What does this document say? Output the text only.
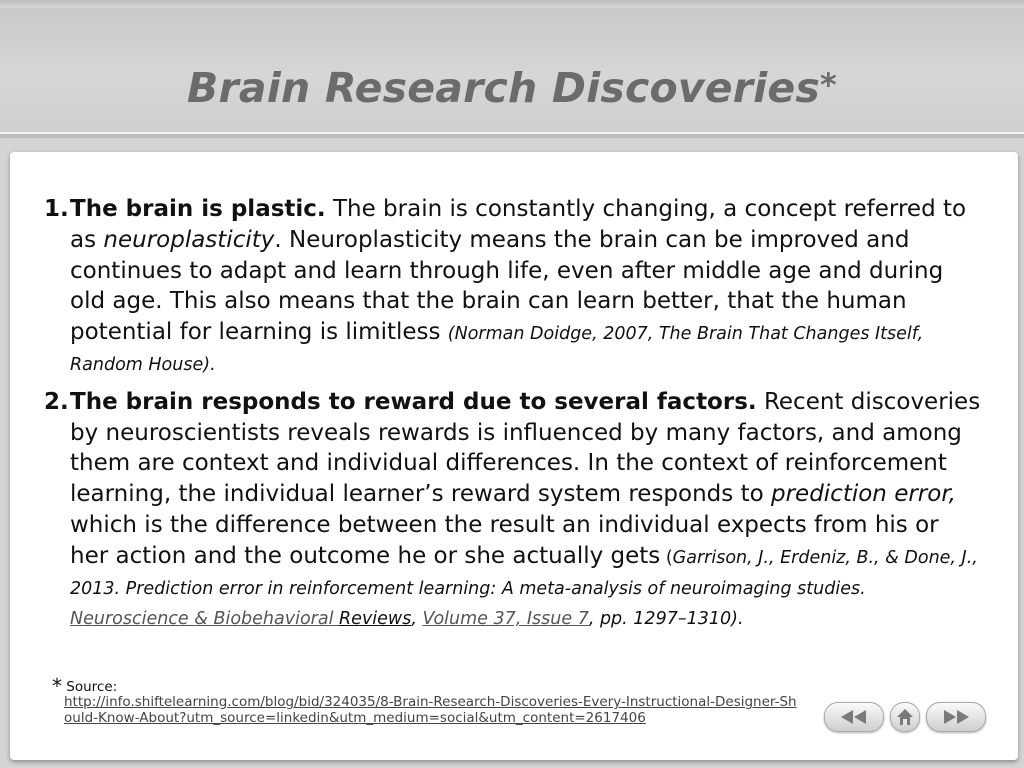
Brain Research Discoveries*
1. The brain is plastic. The brain is constantly changing, a concept referred to as neuroplasticity. Neuroplasticity means the brain can be improved and continues to adapt and learn through life, even after middle age and during old age. This also means that the brain can learn better, that the human potential for learning is limitless (Norman Doidge, 2007, The Brain That Changes Itself, Random House).
2. The brain responds to reward due to several factors. Recent discoveries by neuroscientists reveals rewards is influenced by many factors, and among them are context and individual differences. In the context of reinforcement learning, the individual learner’s reward system responds to prediction error, which is the difference between the result an individual expects from his or her action and the outcome he or she actually gets (Garrison, J., Erdeniz, B., & Done, J., 2013. Prediction error in reinforcement learning: A meta-analysis of neuroimaging studies. Neuroscience & Biobehavioral Reviews, Volume 37, Issue 7, pp. 1297–1310).
* Source:
http://info.shiftelearning.com/blog/bid/324035/8-Brain-Research-Discoveries-Every-Instructional-Designer-Should-Know-About?utm_source=linkedin&utm_medium=social&utm_content=2617406
